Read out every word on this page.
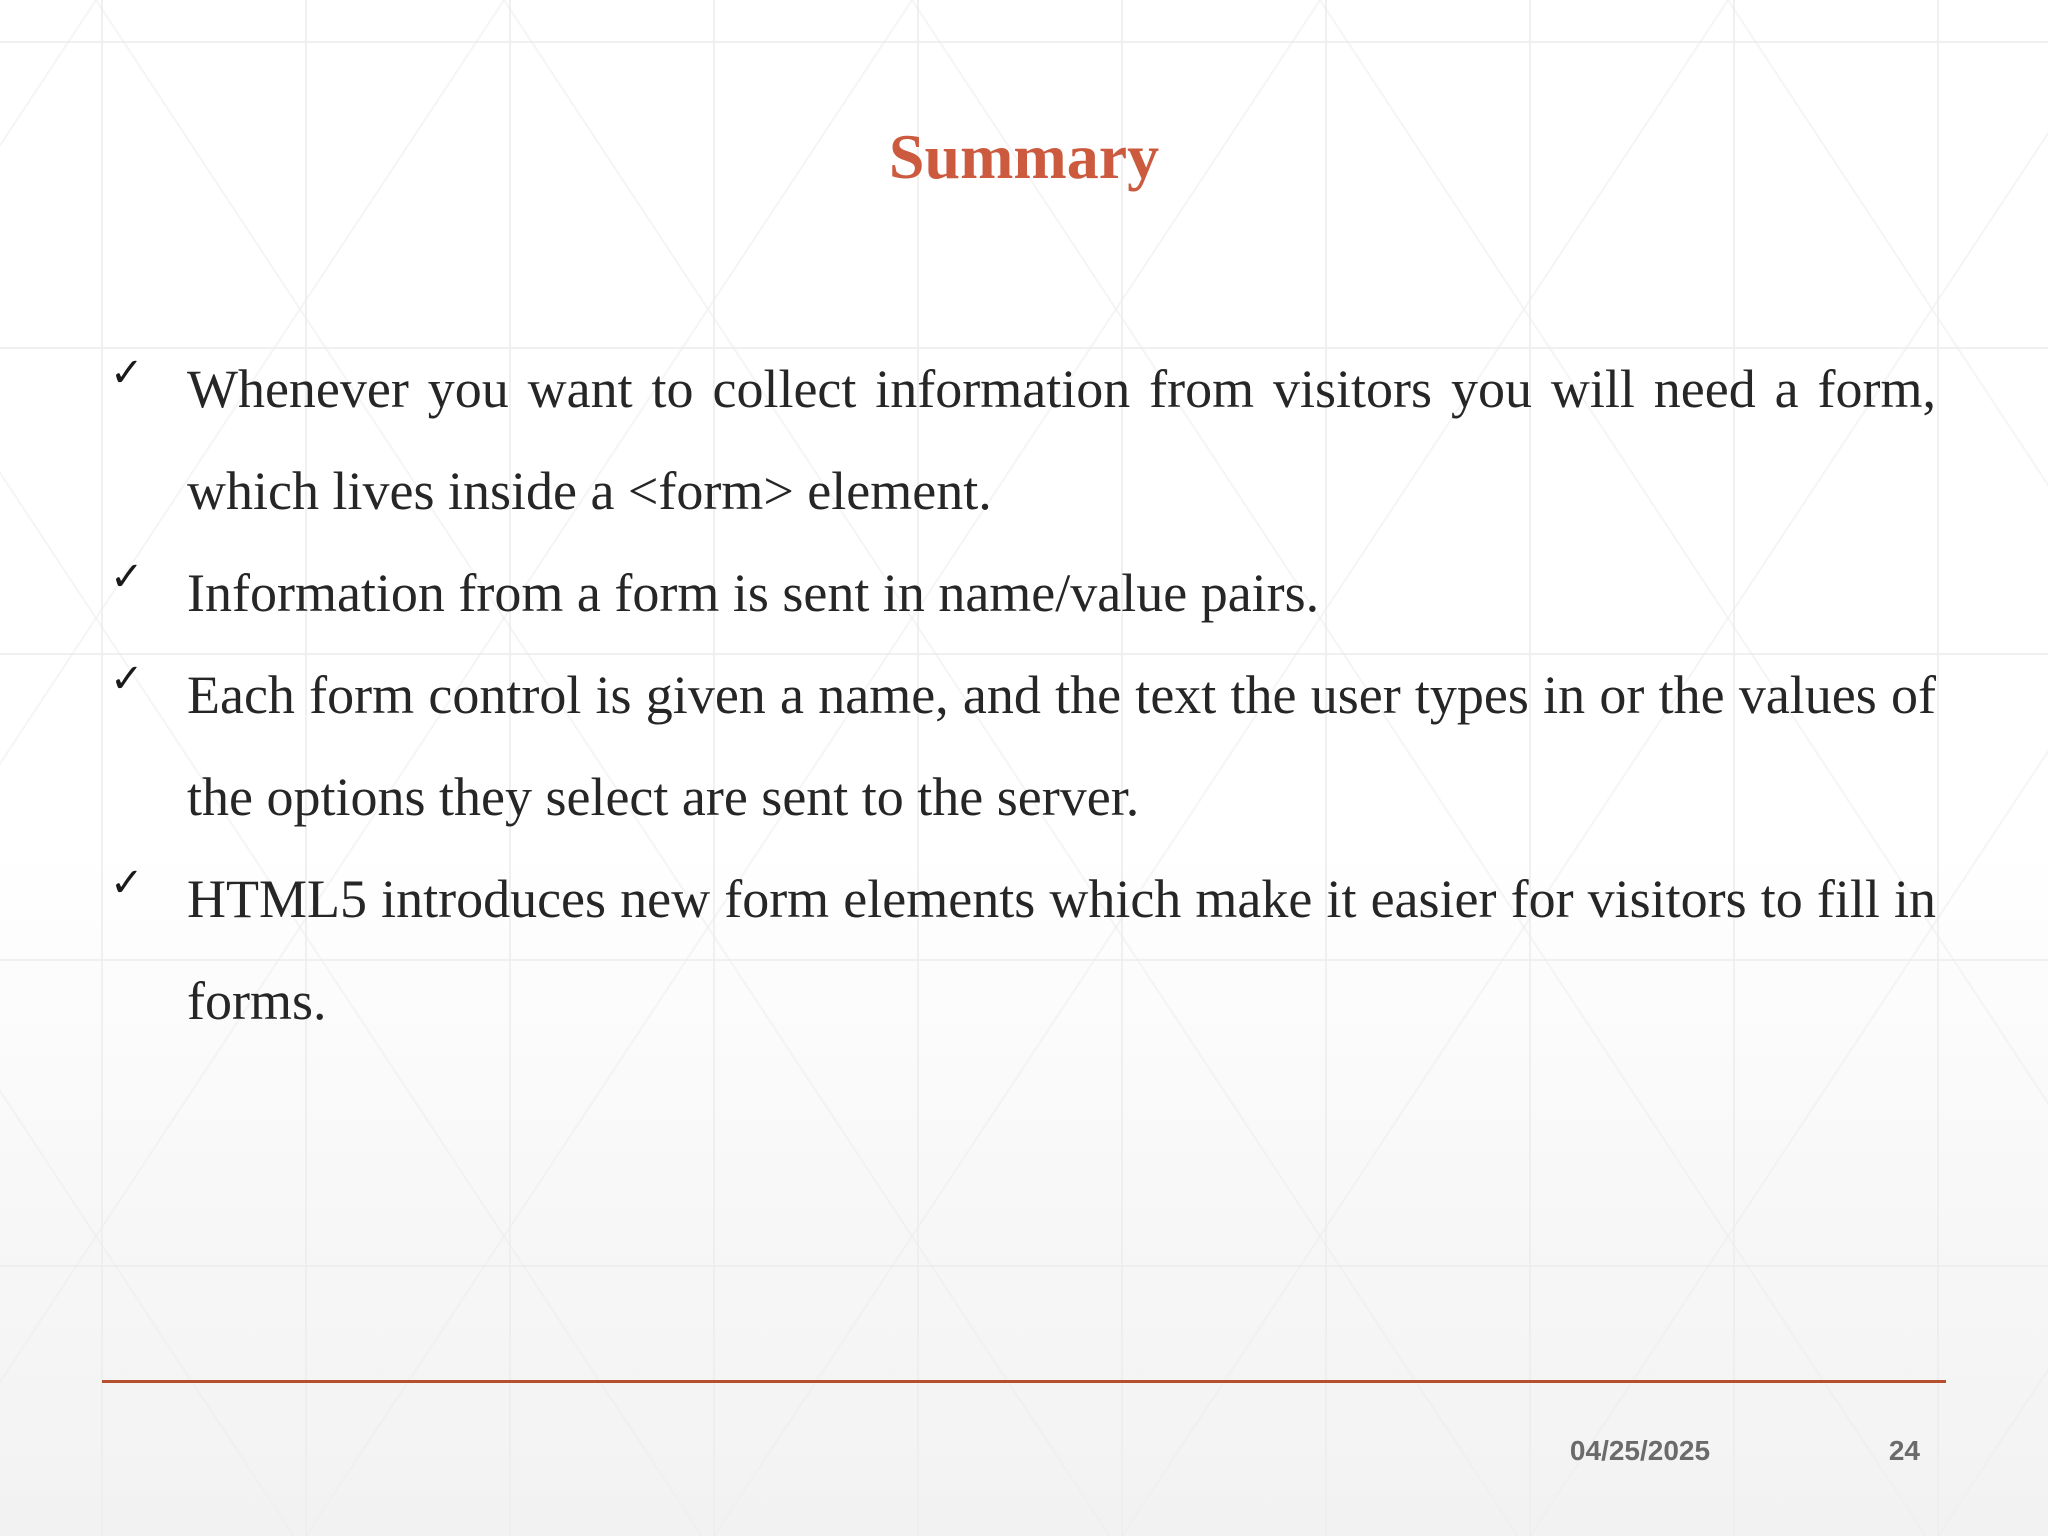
Summary
✓ Whenever you want to collect information from visitors you will need a form, which lives inside a <form> element.
✓ Information from a form is sent in name/value pairs.
✓ Each form control is given a name, and the text the user types in or the values of the options they select are sent to the server.
✓ HTML5 introduces new form elements which make it easier for visitors to fill in forms.
04/25/2025	24
